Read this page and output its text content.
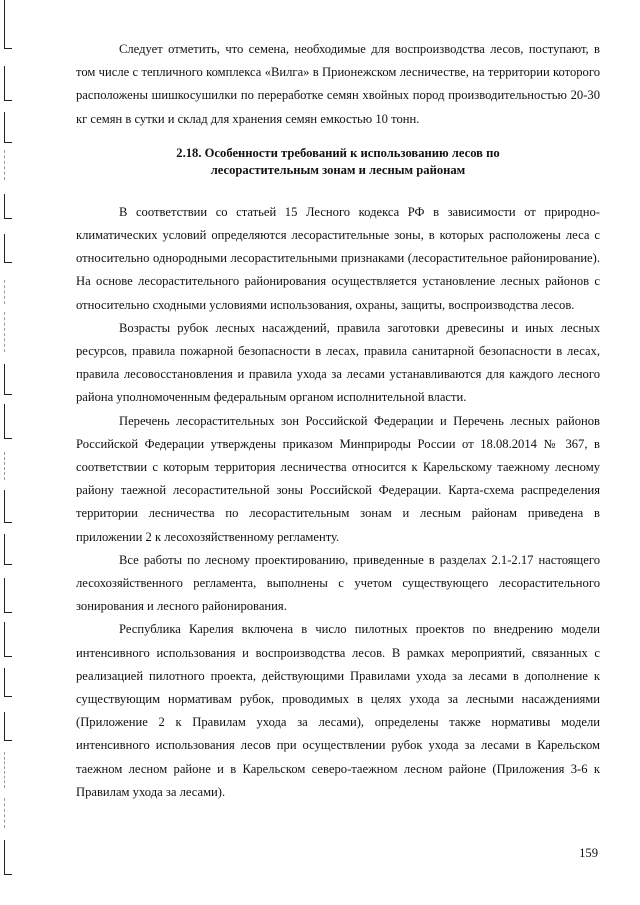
Следует отметить, что семена, необходимые для воспроизводства лесов, поступают, в том числе с тепличного комплекса «Вилга» в Прионежском лесничестве, на территории которого расположены шишкосушилки по переработке семян хвойных пород производительностью 20-30 кг семян в сутки и склад для хранения семян емкостью 10 тонн.

2.18. Особенности требований к использованию лесов по
лесорастительным зонам и лесным районам

В соответствии со статьей 15 Лесного кодекса РФ в зависимости от природно-климатических условий определяются лесорастительные зоны, в которых расположены леса с относительно однородными лесорастительными признаками (лесорастительное районирование). На основе лесорастительного районирования осуществляется установление лесных районов с относительно сходными условиями использования, охраны, защиты, воспроизводства лесов.

Возрасты рубок лесных насаждений, правила заготовки древесины и иных лесных ресурсов, правила пожарной безопасности в лесах, правила санитарной безопасности в лесах, правила лесовосстановления и правила ухода за лесами устанавливаются для каждого лесного района уполномоченным федеральным органом исполнительной власти.

Перечень лесорастительных зон Российской Федерации и Перечень лесных районов Российской Федерации утверждены приказом Минприроды России от 18.08.2014 № 367, в соответствии с которым территория лесничества относится к Карельскому таежному лесному району таежной лесорастительной зоны Российской Федерации. Карта-схема распределения территории лесничества по лесорастительным зонам и лесным районам приведена в приложении 2 к лесохозяйственному регламенту.

Все работы по лесному проектированию, приведенные в разделах 2.1-2.17 настоящего лесохозяйственного регламента, выполнены с учетом существующего лесорастительного зонирования и лесного районирования.

Республика Карелия включена в число пилотных проектов по внедрению модели интенсивного использования и воспроизводства лесов. В рамках мероприятий, связанных с реализацией пилотного проекта, действующими Правилами ухода за лесами в дополнение к существующим нормативам рубок, проводимых в целях ухода за лесными насаждениями (Приложение 2 к Правилам ухода за лесами), определены также нормативы модели интенсивного использования лесов при осуществлении рубок ухода за лесами в Карельском таежном лесном районе и в Карельском северо-таежном лесном районе (Приложения 3-6 к Правилам ухода за лесами).

159
